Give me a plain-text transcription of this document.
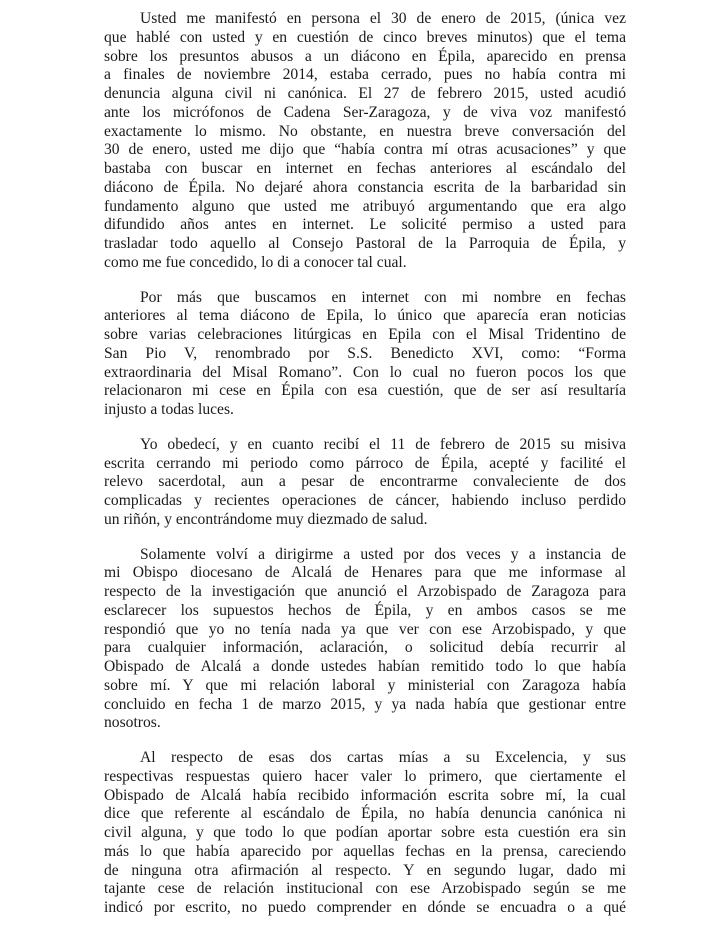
Usted me manifestó en persona el 30 de enero de 2015, (única vez
que hablé con usted y en cuestión de cinco breves minutos) que el tema
sobre los presuntos abusos a un diácono en Épila, aparecido en prensa
a finales de noviembre 2014, estaba cerrado, pues no había contra mi
denuncia alguna civil ni canónica. El 27 de febrero 2015, usted acudió
ante los micrófonos de Cadena Ser-Zaragoza, y de viva voz manifestó
exactamente lo mismo. No obstante, en nuestra breve conversación del
30 de enero, usted me dijo que “había contra mí otras acusaciones” y que
bastaba con buscar en internet en fechas anteriores al escándalo del
diácono de Épila. No dejaré ahora constancia escrita de la barbaridad sin
fundamento alguno que usted me atribuyó argumentando que era algo
difundido años antes en internet. Le solicité permiso a usted para
trasladar todo aquello al Consejo Pastoral de la Parroquia de Épila, y
como me fue concedido, lo di a conocer tal cual.
Por más que buscamos en internet con mi nombre en fechas
anteriores al tema diácono de Epila, lo único que aparecía eran noticias
sobre varias celebraciones litúrgicas en Epila con el Misal Tridentino de
San Pio V, renombrado por S.S. Benedicto XVI, como: “Forma
extraordinaria del Misal Romano”. Con lo cual no fueron pocos los que
relacionaron mi cese en Épila con esa cuestión, que de ser así resultaría
injusto a todas luces.
Yo obedecí, y en cuanto recibí el 11 de febrero de 2015 su misiva
escrita cerrando mi periodo como párroco de Épila, acepté y facilité el
relevo sacerdotal, aun a pesar de encontrarme convaleciente de dos
complicadas y recientes operaciones de cáncer, habiendo incluso perdido
un riñón, y encontrándome muy diezmado de salud.
Solamente volví a dirigirme a usted por dos veces y a instancia de
mi Obispo diocesano de Alcalá de Henares para que me informase al
respecto de la investigación que anunció el Arzobispado de Zaragoza para
esclarecer los supuestos hechos de Épila, y en ambos casos se me
respondió que yo no tenía nada ya que ver con ese Arzobispado, y que
para cualquier información, aclaración, o solicitud debía recurrir al
Obispado de Alcalá a donde ustedes habían remitido todo lo que había
sobre mí. Y que mi relación laboral y ministerial con Zaragoza había
concluido en fecha 1 de marzo 2015, y ya nada había que gestionar entre
nosotros.
Al respecto de esas dos cartas mías a su Excelencia, y sus
respectivas respuestas quiero hacer valer lo primero, que ciertamente el
Obispado de Alcalá había recibido información escrita sobre mí, la cual
dice que referente al escándalo de Épila, no había denuncia canónica ni
civil alguna, y que todo lo que podían aportar sobre esta cuestión era sin
más lo que había aparecido por aquellas fechas en la prensa, careciendo
de ninguna otra afirmación al respecto. Y en segundo lugar, dado mi
tajante cese de relación institucional con ese Arzobispado según se me
indicó por escrito, no puedo comprender en dónde se encuadra o a qué
